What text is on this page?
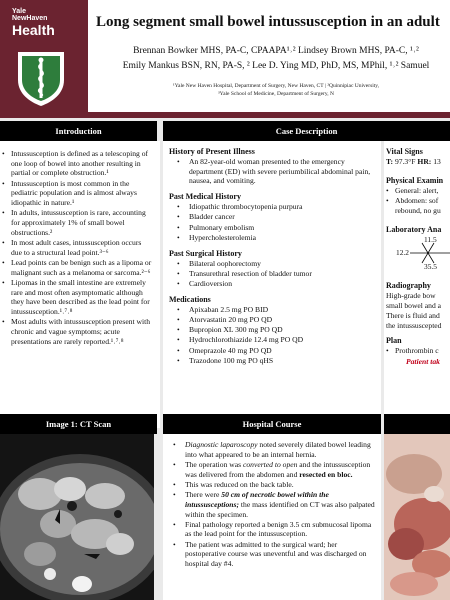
Yale
NewHaven
Health	Long segment small bowel intussusception in an adult
Brennan Bowker MHS, PA-C, CPAAPA¹˒² Lindsey Brown MHS, PA-C, ¹˒²
Emily Mankus BSN, RN, PA-S, ² Lee D. Ying MD, PhD, MS, MPhil, ¹˒² Samuel
¹Yale New Haven Hospital, Department of Surgery, New Haven, CT | ²Quinnipiac University,
³Yale School of Medicine, Department of Surgery, N
Introduction
• Intussusception is defined as a telescoping of one loop of bowel into another resulting in partial or complete obstruction.¹
• Intussusception is most common in the pediatric population and is almost always idiopathic in nature.¹
• In adults, intussusception is rare, accounting for approximately 1% of small bowel obstructions.²
• In most adult cases, intussusception occurs due to a structural lead point.³⁻⁶
• Lead points can be benign such as a lipoma or malignant such as a melanoma or sarcoma.²⁻⁶
• Lipomas in the small intestine are extremely rare and most often asymptomatic although they have been described as the lead point for intussusception.¹˒⁷˒⁸
• Most adults with intussusception present with chronic and vague symptoms; acute presentations are rarely reported.¹˒⁷˒⁸
Case Description
History of Present Illness
• An 82-year-old woman presented to the emergency department (ED) with severe periumbilical abdominal pain, nausea, and vomiting.
Past Medical History
• Idiopathic thrombocytopenia purpura
• Bladder cancer
• Pulmonary embolism
• Hypercholesterolemia
Past Surgical History
• Bilateral oophorectomy
• Transurethral resection of bladder tumor
• Cardioversion
Medications
• Apixaban 2.5 mg PO BID
• Atorvastatin 20 mg PO QD
• Bupropion XL 300 mg PO QD
• Hydrochlorothiazide 12.4 mg PO QD
• Omeprazole 40 mg PO QD
• Trazodone 100 mg PO qHS
Vital Signs
T: 97.3°F HR: 13
Physical Examin
• General: alert,
• Abdomen: sof
rebound, no gu
Laboratory Ana
11.5
12.2
35.5
Radiography
High-grade bow
small bowel and a
There is fluid and
the intussuscepted
Plan
• Prothrombin c
Patient tak
Image 1: CT Scan	Hospital Course
• Diagnostic laparoscopy noted severely dilated bowel leading into what appeared to be an internal hernia.
• The operation was converted to open and the intussusception was delivered from the abdomen and resected en bloc.
• This was reduced on the back table.
• There were 50 cm of necrotic bowel within the intussusceptions; the mass identified on CT was also palpated within the specimen.
• Final pathology reported a benign 3.5 cm submucosal lipoma as the lead point for the intussusception.
• The patient was admitted to the surgical ward; her postoperative course was uneventful and was discharged on hospital day #4.
